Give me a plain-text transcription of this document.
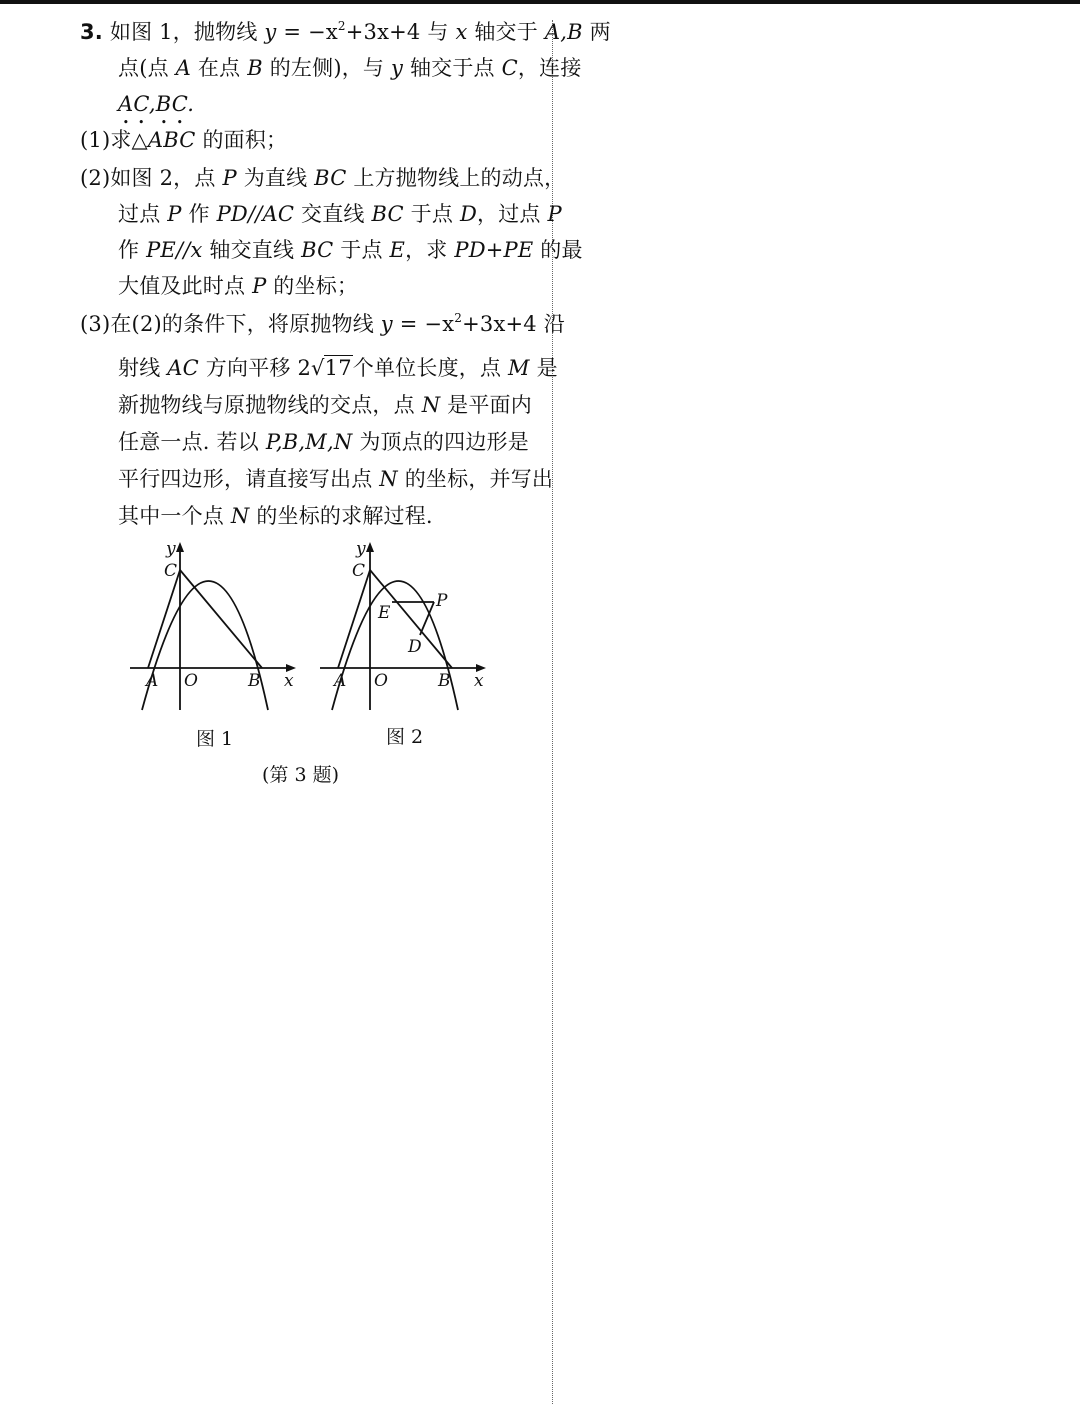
3. 如图 1，抛物线 $y = -x^2+3x+4$ 与 x 轴交于 A,B 两
点(点 A 在点 B 的左侧)，与 y 轴交于点 C，连接
AC,BC.
(1)求△ABC 的面积；
(2)如图 2，点 P 为直线 BC 上方抛物线上的动点，
过点 P 作 PD//AC 交直线 BC 于点 D，过点 P
作 PE//x 轴交直线 BC 于点 E，求 PD+PE 的最
大值及此时点 P 的坐标；
(3)在(2)的条件下，将原抛物线 $y = -x^2+3x+4$ 沿
射线 AC 方向平移 2√17个单位长度，点 M 是
新抛物线与原抛物线的交点，点 N 是平面内
任意一点. 若以 P,B,M,N 为顶点的四边形是
平行四边形，请直接写出点 N 的坐标，并写出
其中一个点 N 的坐标的求解过程.
y
C
A O	B x
y
C
E
P
D
A O	B x
图 1	图 2
(第 3 题)
